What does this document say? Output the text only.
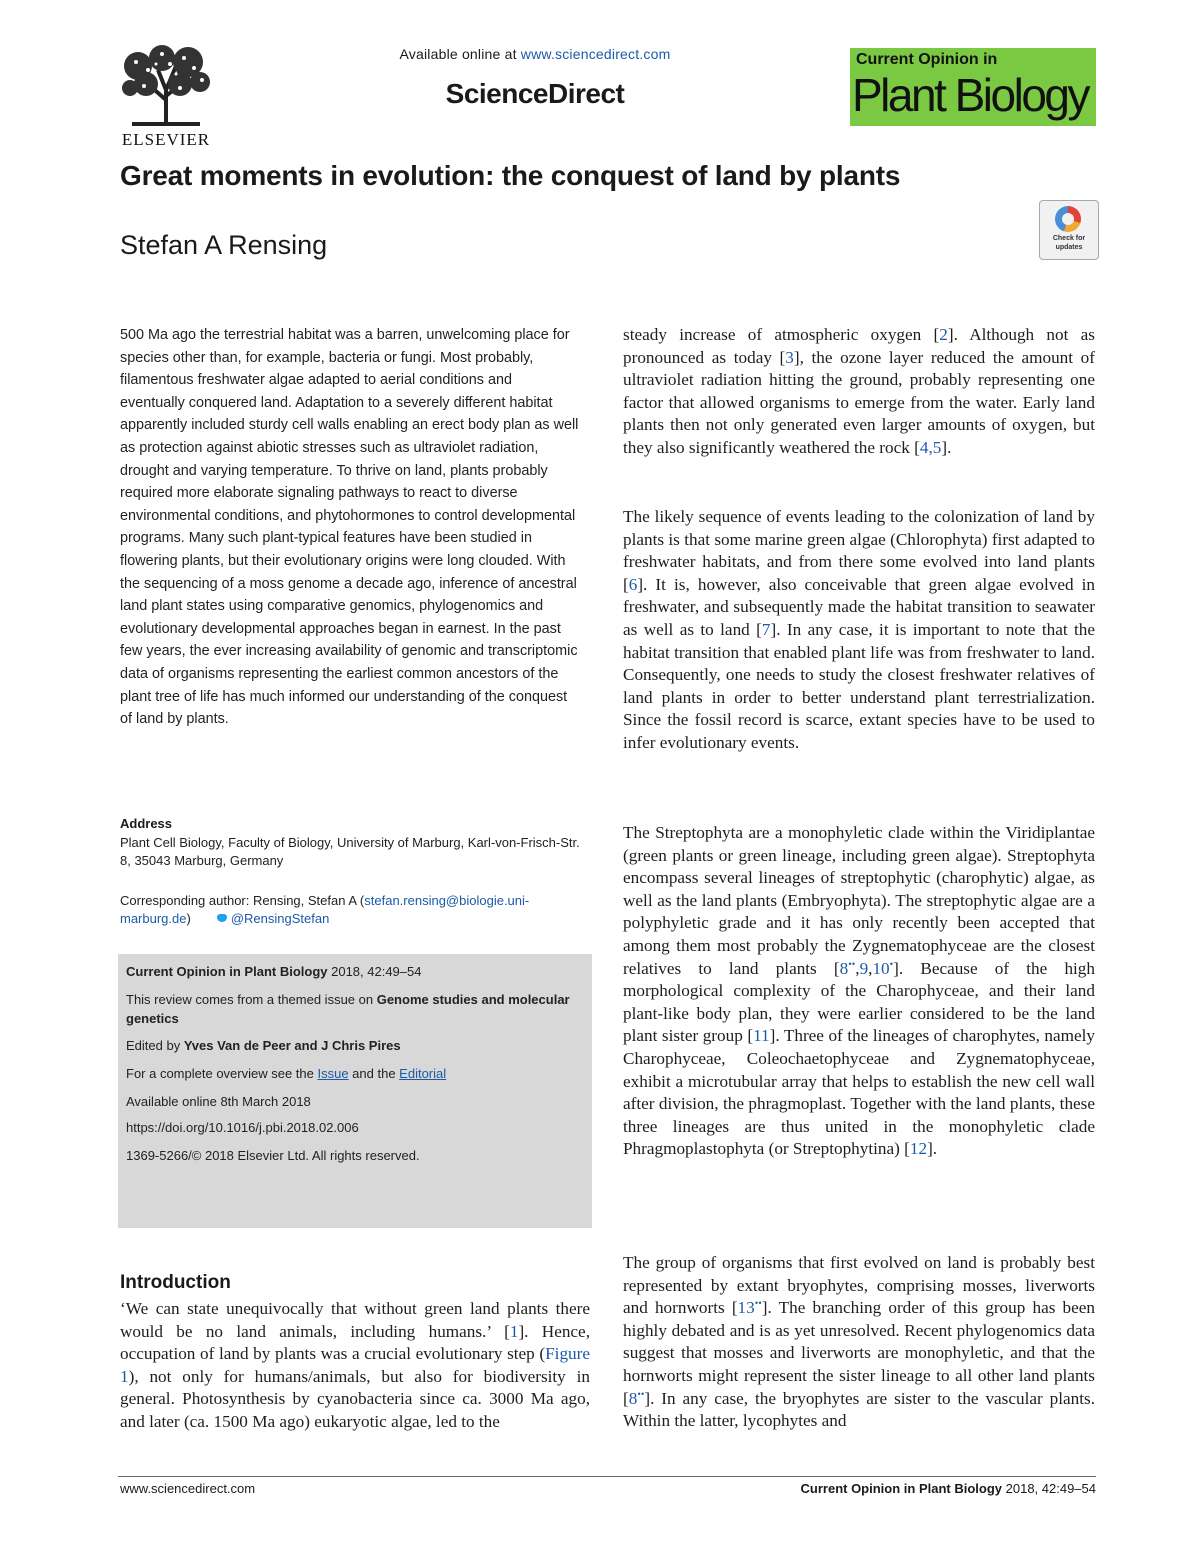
ELSEVIER
Available online at www.sciencedirect.com
ScienceDirect
Current Opinion in
Plant Biology
Great moments in evolution: the conquest of land by plants
Stefan A Rensing	Check for updates
500 Ma ago the terrestrial habitat was a barren, unwelcoming place for species other than, for example, bacteria or fungi. Most probably, filamentous freshwater algae adapted to aerial conditions and eventually conquered land. Adaptation to a severely different habitat apparently included sturdy cell walls enabling an erect body plan as well as protection against abiotic stresses such as ultraviolet radiation, drought and varying temperature. To thrive on land, plants probably required more elaborate signaling pathways to react to diverse environmental conditions, and phytohormones to control developmental programs. Many such plant-typical features have been studied in flowering plants, but their evolutionary origins were long clouded. With the sequencing of a moss genome a decade ago, inference of ancestral land plant states using comparative genomics, phylogenomics and evolutionary developmental approaches began in earnest. In the past few years, the ever increasing availability of genomic and transcriptomic data of organisms representing the earliest common ancestors of the plant tree of life has much informed our understanding of the conquest of land by plants.
Address
Plant Cell Biology, Faculty of Biology, University of Marburg, Karl-von-Frisch-Str. 8, 35043 Marburg, Germany
Corresponding author: Rensing, Stefan A (stefan.rensing@biologie.uni-marburg.de)	@RensingStefan
Current Opinion in Plant Biology 2018, 42:49–54
This review comes from a themed issue on Genome studies and molecular genetics
Edited by Yves Van de Peer and J Chris Pires
For a complete overview see the Issue and the Editorial
Available online 8th March 2018
https://doi.org/10.1016/j.pbi.2018.02.006
1369-5266/© 2018 Elsevier Ltd. All rights reserved.
Introduction
‘We can state unequivocally that without green land plants there would be no land animals, including humans.’ [1]. Hence, occupation of land by plants was a crucial evolutionary step (Figure 1), not only for humans/animals, but also for biodiversity in general. Photosynthesis by cyanobacteria since ca. 3000 Ma ago, and later (ca. 1500 Ma ago) eukaryotic algae, led to the
steady increase of atmospheric oxygen [2]. Although not as pronounced as today [3], the ozone layer reduced the amount of ultraviolet radiation hitting the ground, probably representing one factor that allowed organisms to emerge from the water. Early land plants then not only generated even larger amounts of oxygen, but they also significantly weathered the rock [4,5].
The likely sequence of events leading to the colonization of land by plants is that some marine green algae (Chlorophyta) first adapted to freshwater habitats, and from there some evolved into land plants [6]. It is, however, also conceivable that green algae evolved in freshwater, and subsequently made the habitat transition to seawater as well as to land [7]. In any case, it is important to note that the habitat transition that enabled plant life was from freshwater to land. Consequently, one needs to study the closest freshwater relatives of land plants in order to better understand plant terrestrialization. Since the fossil record is scarce, extant species have to be used to infer evolutionary events.
The Streptophyta are a monophyletic clade within the Viridiplantae (green plants or green lineage, including green algae). Streptophyta encompass several lineages of streptophytic (charophytic) algae, as well as the land plants (Embryophyta). The streptophytic algae are a polyphyletic grade and it has only recently been accepted that among them most probably the Zygnematophyceae are the closest relatives to land plants [8••,9,10•]. Because of the high morphological complexity of the Charophyceae, and their land plant-like body plan, they were earlier considered to be the land plant sister group [11]. Three of the lineages of charophytes, namely Charophyceae, Coleochaetophyceae and Zygnematophyceae, exhibit a microtubular array that helps to establish the new cell wall after division, the phragmoplast. Together with the land plants, these three lineages are thus united in the monophyletic clade Phragmoplastophyta (or Streptophytina) [12].
The group of organisms that first evolved on land is probably best represented by extant bryophytes, comprising mosses, liverworts and hornworts [13••]. The branching order of this group has been highly debated and is as yet unresolved. Recent phylogenomics data suggest that mosses and liverworts are monophyletic, and that the hornworts might represent the sister lineage to all other land plants [8••]. In any case, the bryophytes are sister to the vascular plants. Within the latter, lycophytes and
www.sciencedirect.com	Current Opinion in Plant Biology 2018, 42:49–54
